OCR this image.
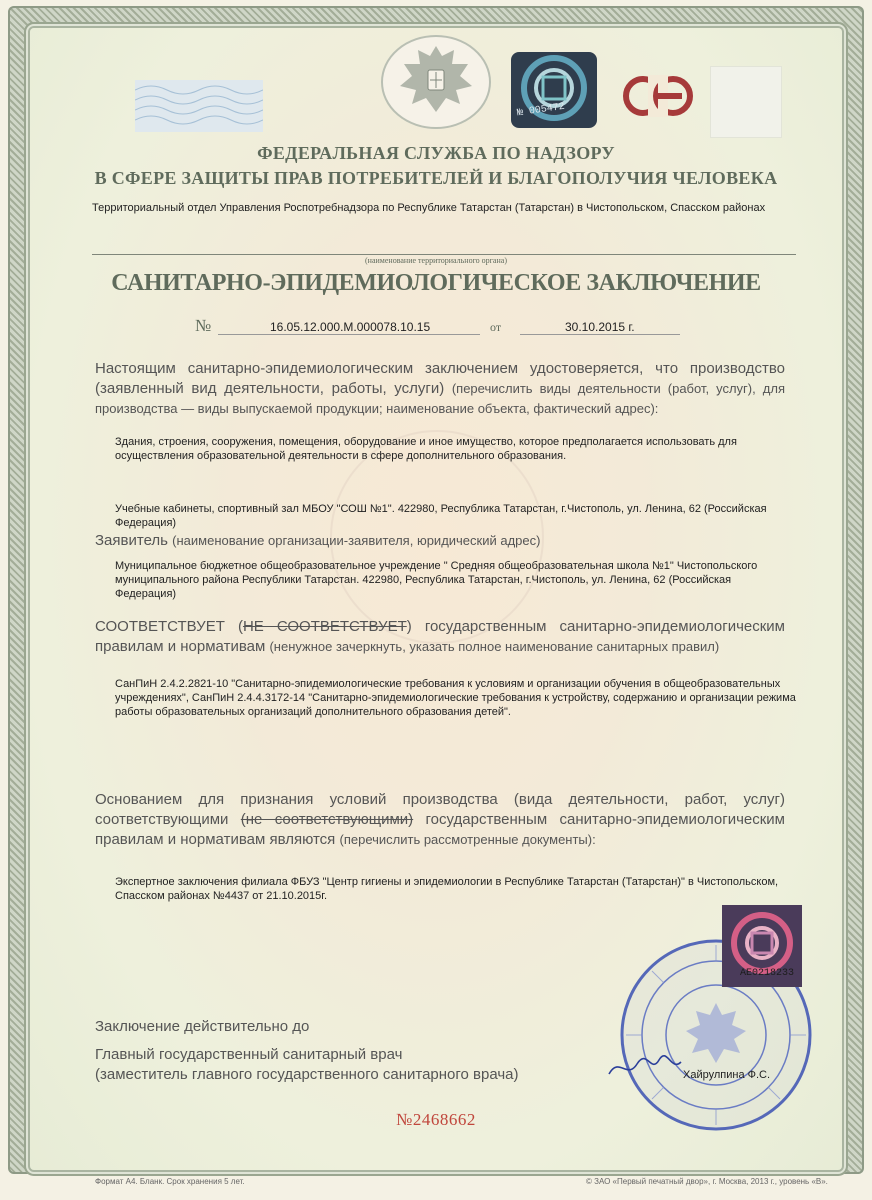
№ 005472
ФЕДЕРАЛЬНАЯ СЛУЖБА ПО НАДЗОРУ
В СФЕРЕ ЗАЩИТЫ ПРАВ ПОТРЕБИТЕЛЕЙ И БЛАГОПОЛУЧИЯ ЧЕЛОВЕКА
Территориальный отдел Управления Роспотребнадзора по Республике Татарстан (Татарстан) в Чистопольском, Спасском районах
(наименование территориального органа)
САНИТАРНО-ЭПИДЕМИОЛОГИЧЕСКОЕ ЗАКЛЮЧЕНИЕ
№	16.05.12.000.М.000078.10.15	от	30.10.2015 г.
Настоящим санитарно-эпидемиологическим заключением удостоверяется, что производство (заявленный вид деятельности, работы, услуги) (перечислить виды деятельности (работ, услуг), для производства — виды выпускаемой продукции; наименование объекта, фактический адрес):
Здания, строения, сооружения, помещения, оборудование и иное имущество, которое предполагается использовать для осуществления образовательной деятельности в сфере дополнительного образования.
Учебные кабинеты, спортивный зал МБОУ "СОШ №1". 422980, Республика Татарстан, г.Чистополь, ул. Ленина, 62 (Российская Федерация)
Заявитель (наименование организации-заявителя, юридический адрес)
Муниципальное бюджетное общеобразовательное учреждение " Средняя общеобразовательная школа №1" Чистопольского муниципального района Республики Татарстан. 422980, Республика Татарстан, г.Чистополь, ул. Ленина, 62 (Российская Федерация)
СООТВЕТСТВУЕТ (НЕ СООТВЕТСТВУЕТ) государственным санитарно-эпидемиологическим правилам и нормативам (ненужное зачеркнуть, указать полное наименование санитарных правил)
СанПиН 2.4.2.2821-10 "Санитарно-эпидемиологические требования к условиям и организации обучения в общеобразовательных учреждениях", СанПиН 2.4.4.3172-14 "Санитарно-эпидемиологические требования к устройству, содержанию и организации режима работы образовательных организаций дополнительного образования детей".
Основанием для признания условий производства (вида деятельности, работ, услуг) соответствующими (не соответствующими) государственным санитарно-эпидемиологическим правилам и нормативам являются (перечислить рассмотренные документы):
Экспертное заключения филиала ФБУЗ "Центр гигиены и эпидемиологии в Республике Татарстан (Татарстан)" в Чистопольском, Спасском районах №4437 от 21.10.2015г.
AE0218233
Заключение действительно до
Главный государственный санитарный врач
(заместитель главного государственного санитарного врача)	Хайрулпина Ф.С.
№2468662
Формат А4. Бланк. Срок хранения 5 лет.	© ЗАО «Первый печатный двор», г. Москва, 2013 г., уровень «В».
